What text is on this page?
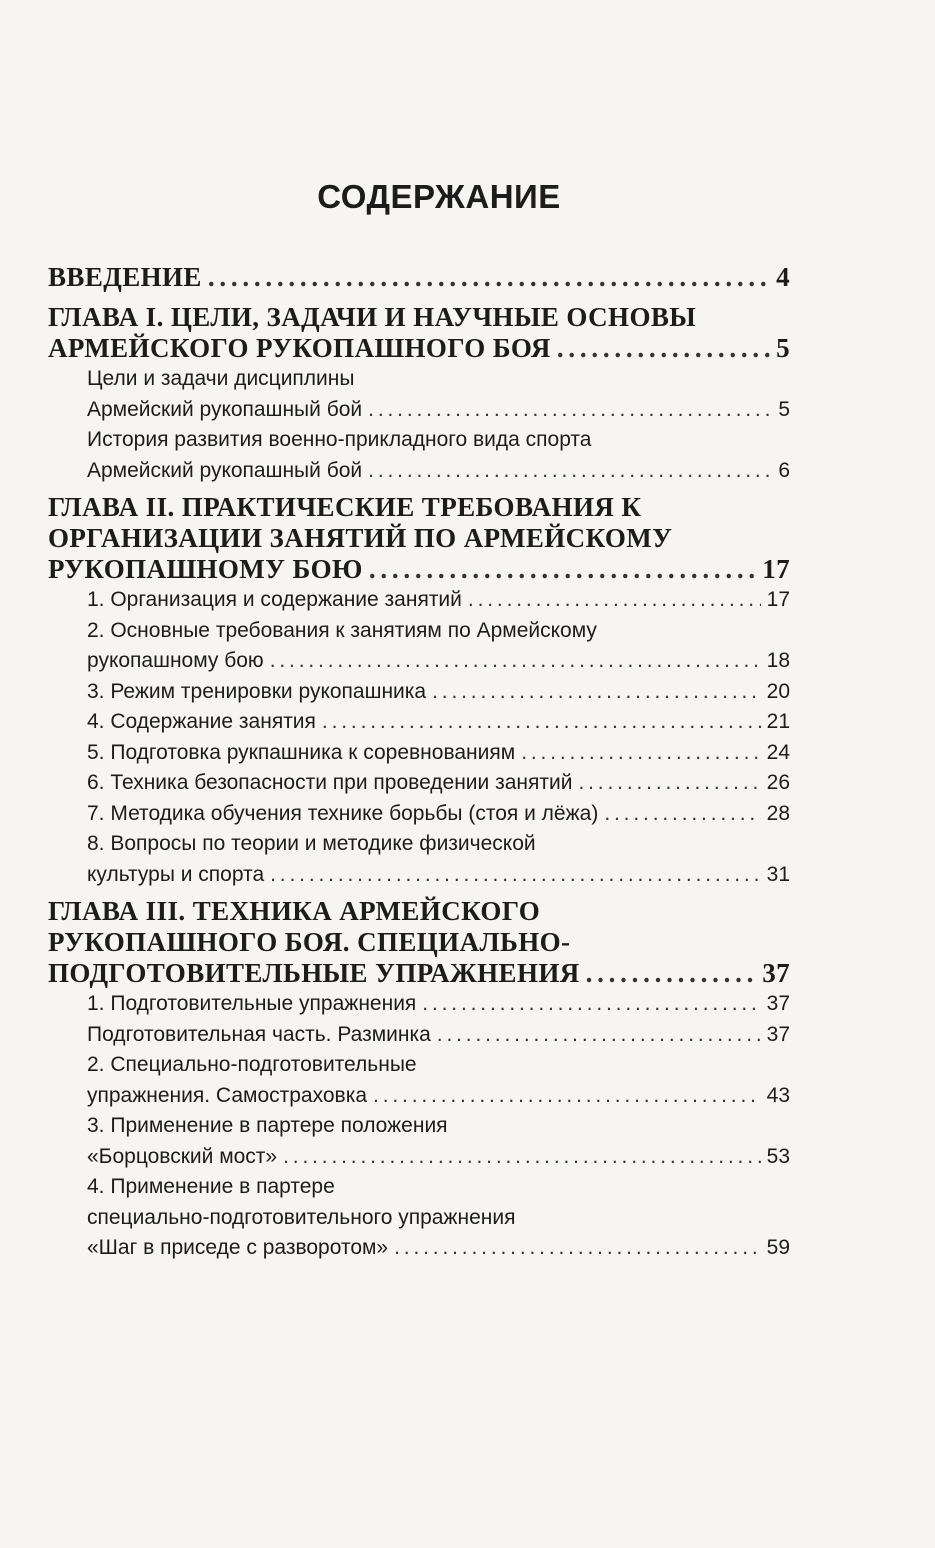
СОДЕРЖАНИЕ
ВВЕДЕНИЕ . . .	4
ГЛАВА I. ЦЕЛИ, ЗАДАЧИ И НАУЧНЫЕ ОСНОВЫ
АРМЕЙСКОГО РУКОПАШНОГО БОЯ . . .	5
Цели и задачи дисциплины
Армейский рукопашный бой . . .	5
История развития военно-прикладного вида спорта
Армейский рукопашный бой . . .	6
ГЛАВА II. ПРАКТИЧЕСКИЕ ТРЕБОВАНИЯ К
ОРГАНИЗАЦИИ ЗАНЯТИЙ ПО АРМЕЙСКОМУ
РУКОПАШНОМУ БОЮ . . .	17
1. Организация и содержание занятий . . .	17
2. Основные требования к занятиям по Армейскому
рукопашному бою . . .	18
3. Режим тренировки рукопашника . . .	20
4. Содержание занятия . . .	21
5. Подготовка рукпашника к соревнованиям . . .	24
6. Техника безопасности при проведении занятий . . .	26
7. Методика обучения технике борьбы (стоя и лёжа) . . .	28
8. Вопросы по теории и методике физической
культуры и спорта . . .	31
ГЛАВА III. ТЕХНИКА АРМЕЙСКОГО
РУКОПАШНОГО БОЯ. СПЕЦИАЛЬНО-
ПОДГОТОВИТЕЛЬНЫЕ УПРАЖНЕНИЯ . . .	37
1. Подготовительные упражнения . . .	37
Подготовительная часть. Разминка . . .	37
2. Специально-подготовительные
упражнения. Самостраховка . . .	43
3. Применение в партере положения
«Борцовский мост» . . .	53
4. Применение в партере
специально-подготовительного упражнения
«Шаг в приседе с разворотом» . . .	59
